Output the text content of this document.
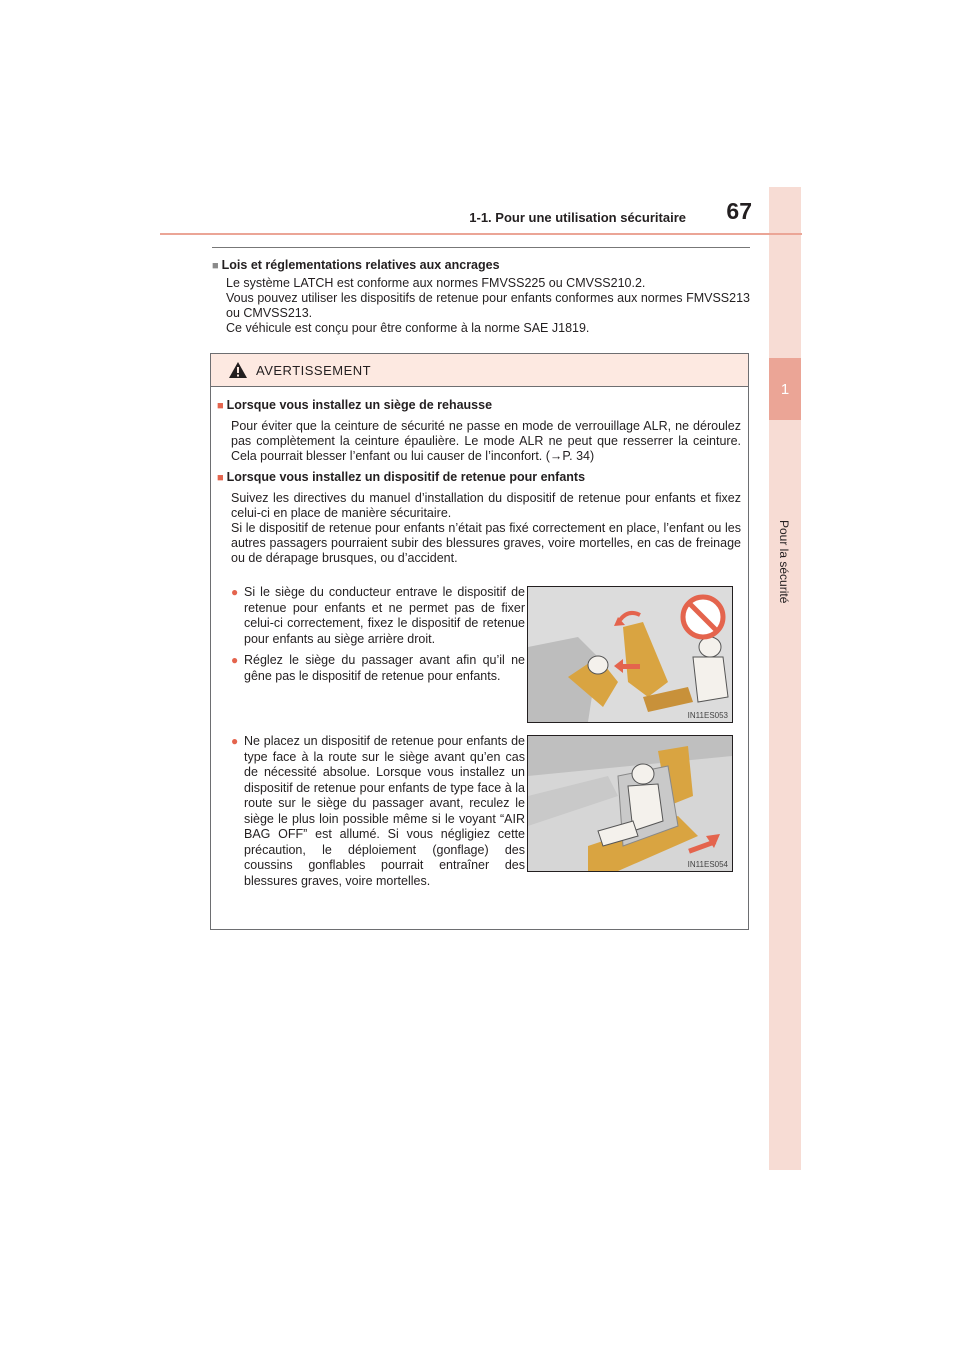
1
Pour la sécurité
1-1. Pour une utilisation sécuritaire	67

■ Lois et réglementations relatives aux ancrages

Le système LATCH est conforme aux normes FMVSS225 ou CMVSS210.2.

Vous pouvez utiliser les dispositifs de retenue pour enfants conformes aux normes FMVSS213 ou CMVSS213.

Ce véhicule est conçu pour être conforme à la norme SAE J1819.

AVERTISSEMENT

■ Lorsque vous installez un siège de rehausse

Pour éviter que la ceinture de sécurité ne passe en mode de verrouillage ALR, ne déroulez pas complètement la ceinture épaulière. Le mode ALR ne peut que resserrer la ceinture. Cela pourrait blesser l’enfant ou lui causer de l’inconfort. (→P. 34)

■ Lorsque vous installez un dispositif de retenue pour enfants

Suivez les directives du manuel d’installation du dispositif de retenue pour enfants et fixez celui-ci en place de manière sécuritaire.

Si le dispositif de retenue pour enfants n’était pas fixé correctement en place, l’enfant ou les autres passagers pourraient subir des blessures graves, voire mortelles, en cas de freinage ou de dérapage brusques, ou d’accident.

● Si le siège du conducteur entrave le dispositif de retenue pour enfants et ne permet pas de fixer celui-ci correctement, fixez le dispositif de retenue pour enfants au siège arrière droit.
● Réglez le siège du passager avant afin qu’il ne gêne pas le dispositif de retenue pour enfants.
IN11ES053
● Ne placez un dispositif de retenue pour enfants de type face à la route sur le siège avant qu’en cas de nécessité absolue. Lorsque vous installez un dispositif de retenue pour enfants de type face à la route sur le siège du passager avant, reculez le siège le plus loin possible même si le voyant “AIR BAG OFF” est allumé. Si vous négligiez cette précaution, le déploiement (gonflage) des coussins gonflables pourrait entraîner des blessures graves, voire mortelles.
IN11ES054
